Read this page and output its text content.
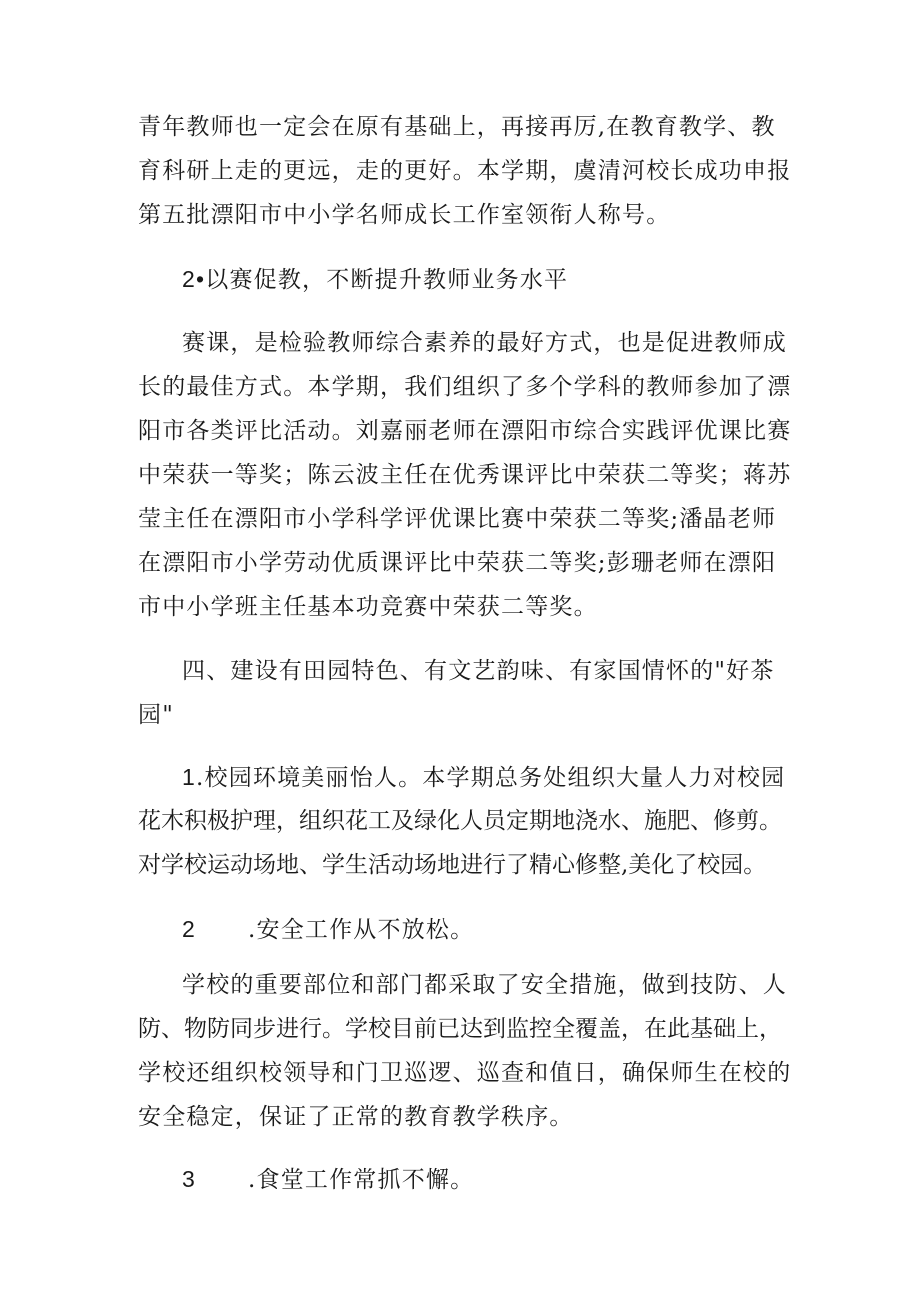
青年教师也一定会在原有基础上，再接再厉,在教育教学、教
育科研上走的更远，走的更好。本学期，虞清河校长成功申报
第五批漂阳市中小学名师成长工作室领衔人称号。
2•以赛促教，不断提升教师业务水平
赛课，是检验教师综合素养的最好方式，也是促进教师成
长的最佳方式。本学期，我们组织了多个学科的教师参加了漂
阳市各类评比活动。刘嘉丽老师在漂阳市综合实践评优课比赛
中荣获一等奖；陈云波主任在优秀课评比中荣获二等奖；蒋苏
莹主任在漂阳市小学科学评优课比赛中荣获二等奖;潘晶老师
在漂阳市小学劳动优质课评比中荣获二等奖;彭珊老师在漂阳
市中小学班主任基本功竞赛中荣获二等奖。
四、建设有田园特色、有文艺韵味、有家国情怀的"好茶
园"
1.校园环境美丽怡人。本学期总务处组织大量人力对校园
花木积极护理，组织花工及绿化人员定期地浇水、施肥、修剪。
对学校运动场地、学生活动场地进行了精心修整,美化了校园。
2 .安全工作从不放松。
学校的重要部位和部门都采取了安全措施，做到技防、人
防、物防同步进行。学校目前已达到监控全覆盖，在此基础上，
学校还组织校领导和门卫巡逻、巡查和值日，确保师生在校的
安全稳定，保证了正常的教育教学秩序。
3 .食堂工作常抓不懈。
